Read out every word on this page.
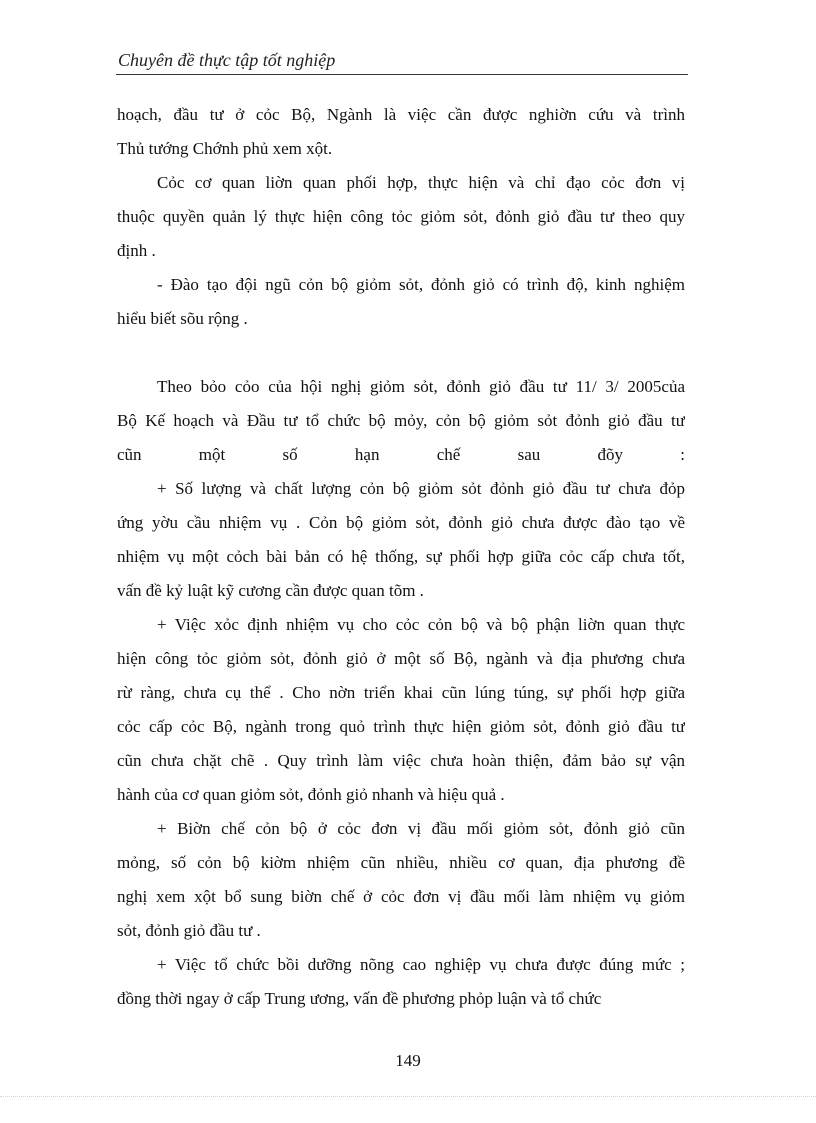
Chuyên đề thực tập tốt nghiệp
hoạch, đầu tư ở cỏc Bộ, Ngành là việc cần được nghiờn cứu và trình
Thủ tướng Chớnh phủ xem xột.
Cỏc cơ quan liờn quan phối hợp, thực hiện và chỉ đạo cỏc đơn vị
thuộc quyền quản lý thực hiện công tỏc giỏm sỏt, đỏnh giỏ đầu tư theo quy
định .
- Đào tạo đội ngũ cỏn bộ giỏm sỏt, đỏnh giỏ có trình độ, kinh nghiệm
hiểu biết sõu rộng .
Theo bỏo cỏo của hội nghị giỏm sỏt, đỏnh giỏ đầu tư 11/ 3/ 2005của
Bộ Kế hoạch và Đầu tư tổ chức bộ mỏy, cỏn bộ giỏm sỏt đỏnh giỏ đầu tư
cũn một số hạn chế sau đõy :
+ Số lượng và chất lượng cỏn bộ giỏm sỏt đỏnh giỏ đầu tư chưa đỏp
ứng yờu cầu nhiệm vụ . Cỏn bộ giỏm sỏt, đỏnh giỏ chưa được đào tạo về
nhiệm vụ một cỏch bài bản có hệ thống, sự phối hợp giữa cỏc cấp chưa tốt,
vấn đề kỷ luật kỹ cương cần được quan tõm .
+ Việc xỏc định nhiệm vụ cho cỏc cỏn bộ và bộ phận liờn quan thực
hiện công tỏc giỏm sỏt, đỏnh giỏ ở một số Bộ, ngành và địa phương chưa
rừ ràng, chưa cụ thể . Cho nờn triển khai cũn lúng túng, sự phối hợp giữa
cỏc cấp cỏc Bộ, ngành trong quỏ trình thực hiện giỏm sỏt, đỏnh giỏ đầu tư
cũn chưa chặt chẽ . Quy trình làm việc chưa hoàn thiện, đảm bảo sự vận
hành của cơ quan giỏm sỏt, đỏnh giỏ nhanh và hiệu quả .
+ Biờn chế cỏn bộ ở cỏc đơn vị đầu mối giỏm sỏt, đỏnh giỏ cũn
mỏng, số cỏn bộ kiờm nhiệm cũn nhiều, nhiều cơ quan, địa phương đề
nghị xem xột bổ sung biờn chế ở cỏc đơn vị đầu mối làm nhiệm vụ giỏm
sỏt, đỏnh giỏ đầu tư .
+ Việc tổ chức bồi dưỡng nõng cao nghiệp vụ chưa được đúng mức ;
đồng thời ngay ở cấp Trung ương, vấn đề phương phỏp luận và tổ chức
149
